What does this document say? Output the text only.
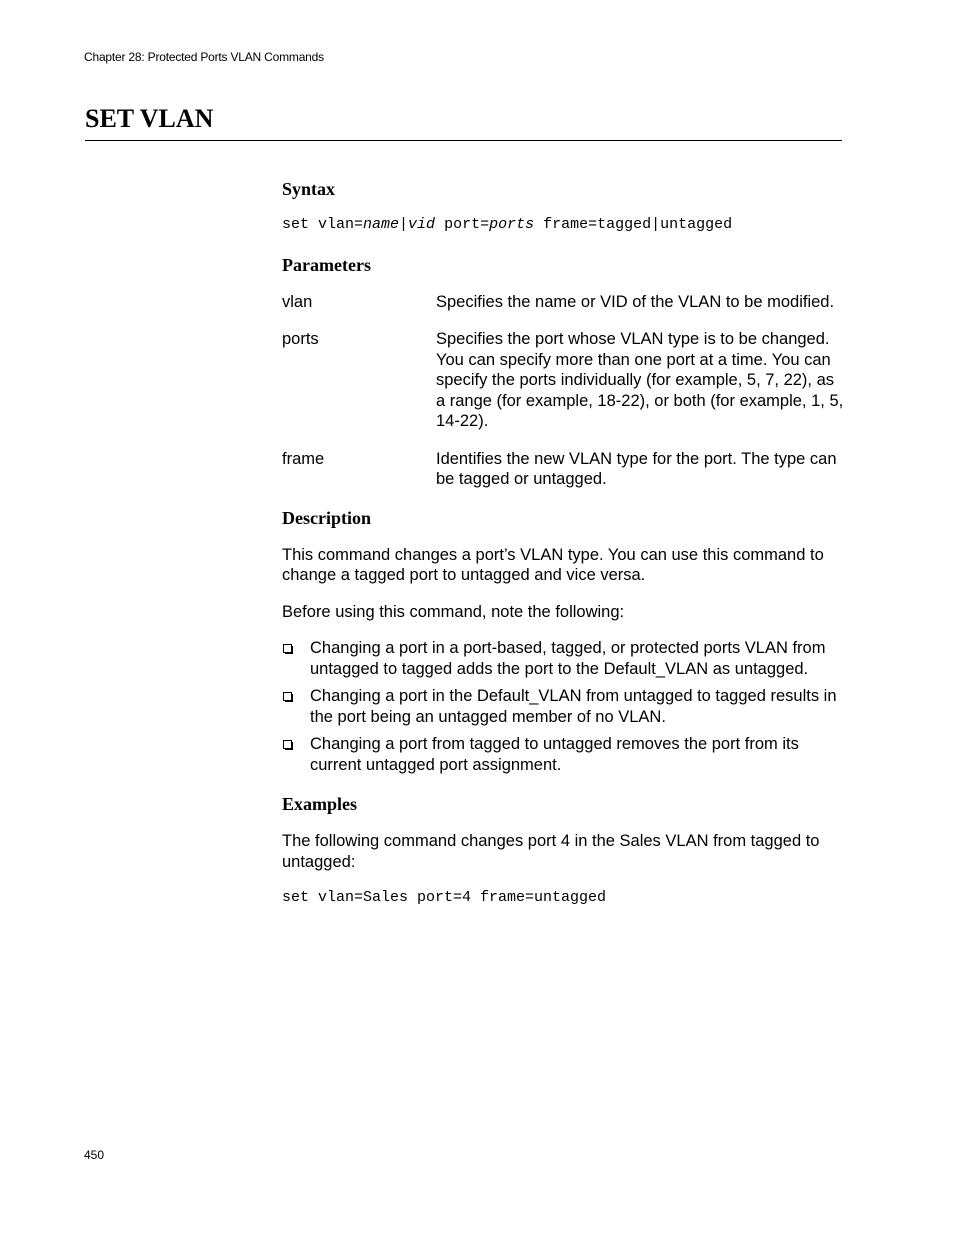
Chapter 28: Protected Ports VLAN Commands
SET VLAN
Syntax
set vlan=name|vid port=ports frame=tagged|untagged
Parameters
vlan	Specifies the name or VID of the VLAN to be modified.
ports	Specifies the port whose VLAN type is to be changed. You can specify more than one port at a time. You can specify the ports individually (for example, 5, 7, 22), as a range (for example, 18-22), or both (for example, 1, 5, 14-22).
frame	Identifies the new VLAN type for the port. The type can be tagged or untagged.
Description

This command changes a port’s VLAN type. You can use this command to change a tagged port to untagged and vice versa.

Before using this command, note the following:

Changing a port in a port-based, tagged, or protected ports VLAN from untagged to tagged adds the port to the Default_VLAN as untagged.
Changing a port in the Default_VLAN from untagged to tagged results in the port being an untagged member of no VLAN.
Changing a port from tagged to untagged removes the port from its current untagged port assignment.
Examples

The following command changes port 4 in the Sales VLAN from tagged to untagged:

set vlan=Sales port=4 frame=untagged
450
